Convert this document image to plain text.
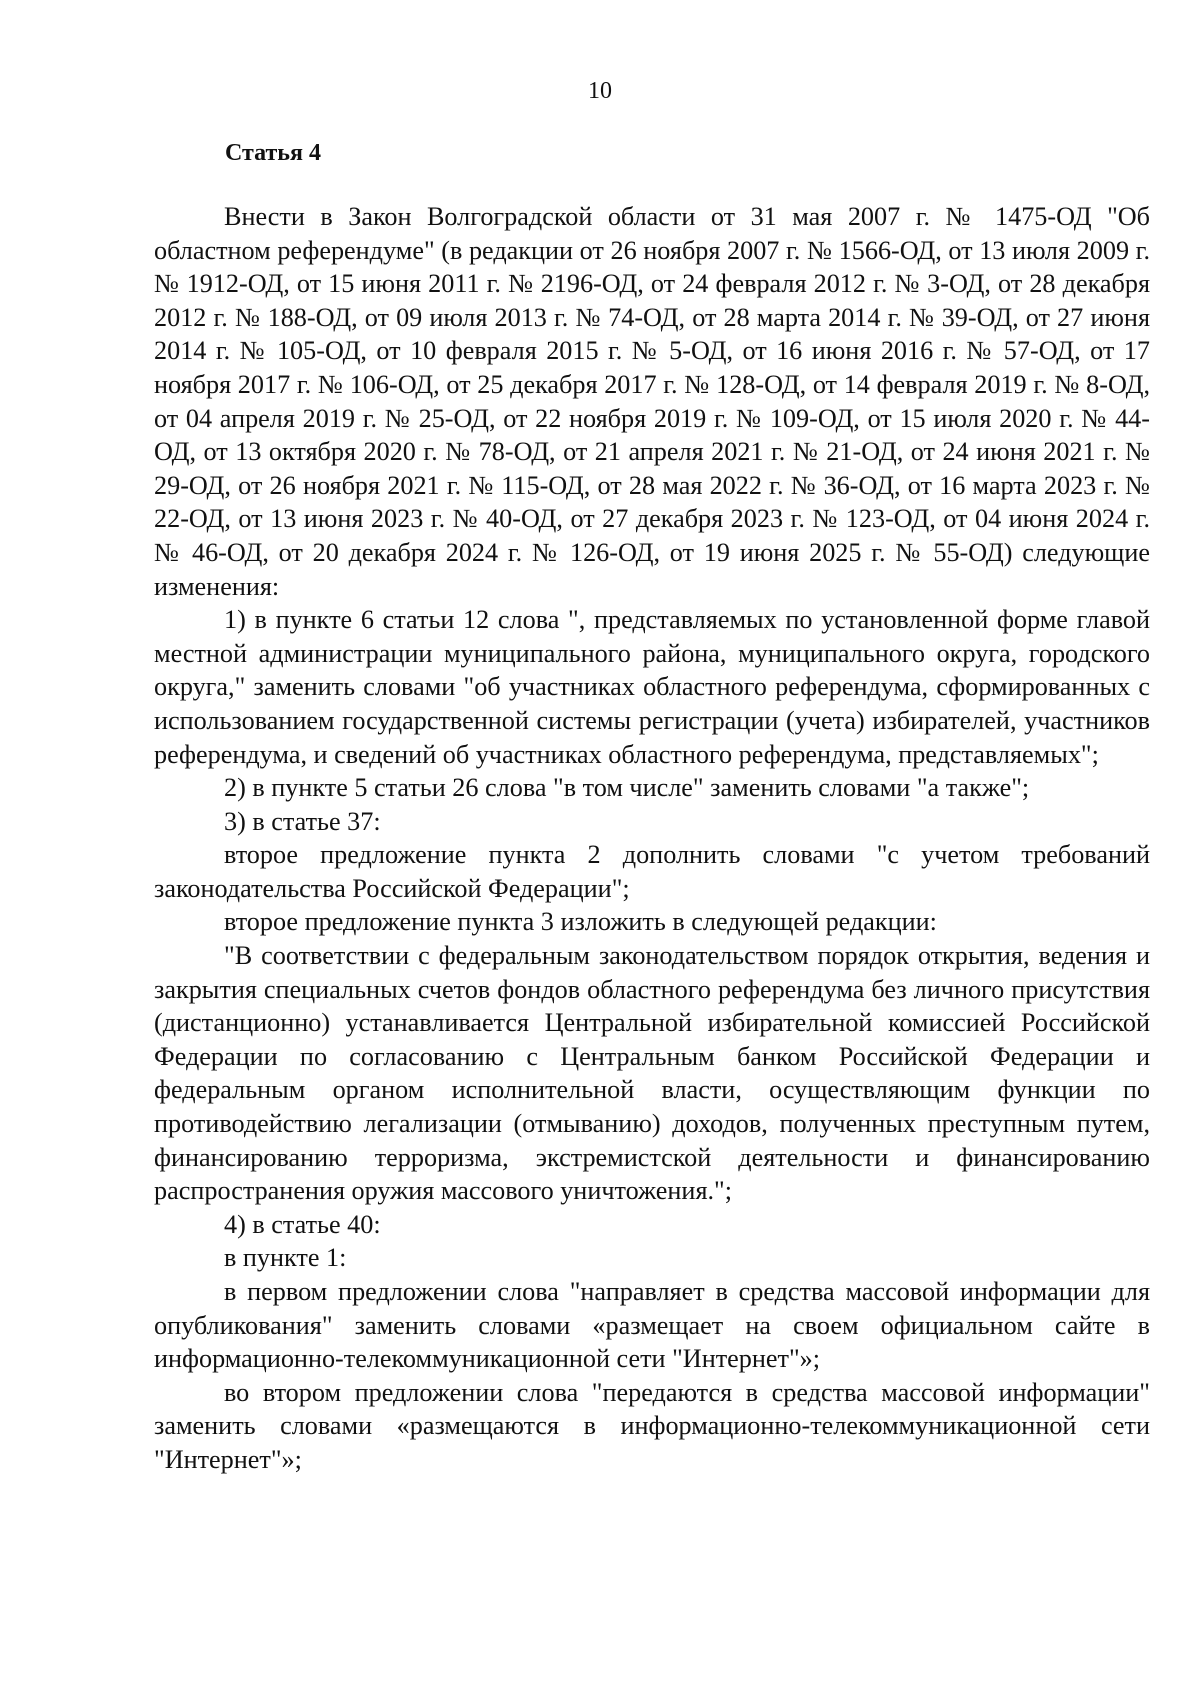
10
Статья 4

Внести в Закон Волгоградской области от 31 мая 2007 г. № 1475-ОД "Об областном референдуме" (в редакции от 26 ноября 2007 г. № 1566-ОД, от 13 июля 2009 г. № 1912-ОД, от 15 июня 2011 г. № 2196-ОД, от 24 февраля 2012 г. № 3-ОД, от 28 декабря 2012 г. № 188-ОД, от 09 июля 2013 г. № 74-ОД, от 28 марта 2014 г. № 39-ОД, от 27 июня 2014 г. № 105-ОД, от 10 февраля 2015 г. № 5-ОД, от 16 июня 2016 г. № 57-ОД, от 17 ноября 2017 г. № 106-ОД, от 25 декабря 2017 г. № 128-ОД, от 14 февраля 2019 г. № 8-ОД, от 04 апреля 2019 г. № 25-ОД, от 22 ноября 2019 г. № 109-ОД, от 15 июля 2020 г. № 44-ОД, от 13 октября 2020 г. № 78-ОД, от 21 апреля 2021 г. № 21-ОД, от 24 июня 2021 г. № 29-ОД, от 26 ноября 2021 г. № 115-ОД, от 28 мая 2022 г. № 36-ОД, от 16 марта 2023 г. № 22-ОД, от 13 июня 2023 г. № 40-ОД, от 27 декабря 2023 г. № 123-ОД, от 04 июня 2024 г. № 46-ОД, от 20 декабря 2024 г. № 126-ОД, от 19 июня 2025 г. № 55-ОД) следующие изменения:

1) в пункте 6 статьи 12 слова ", представляемых по установленной форме главой местной администрации муниципального района, муниципального округа, городского округа," заменить словами "об участниках областного референдума, сформированных с использованием государственной системы регистрации (учета) избирателей, участников референдума, и сведений об участниках областного референдума, представляемых";

2) в пункте 5 статьи 26 слова "в том числе" заменить словами "а также";

3) в статье 37:

второе предложение пункта 2 дополнить словами "с учетом требований законодательства Российской Федерации";

второе предложение пункта 3 изложить в следующей редакции:

"В соответствии с федеральным законодательством порядок открытия, ведения и закрытия специальных счетов фондов областного референдума без личного присутствия (дистанционно) устанавливается Центральной избирательной комиссией Российской Федерации по согласованию с Центральным банком Российской Федерации и федеральным органом исполнительной власти, осуществляющим функции по противодействию легализации (отмыванию) доходов, полученных преступным путем, финансированию терроризма, экстремистской деятельности и финансированию распространения оружия массового уничтожения.";

4) в статье 40:

в пункте 1:

в первом предложении слова "направляет в средства массовой информации для опубликования" заменить словами «размещает на своем официальном сайте в информационно-телекоммуникационной сети "Интернет"»;

во втором предложении слова "передаются в средства массовой информации" заменить словами «размещаются в информационно-телекоммуникационной сети "Интернет"»;
